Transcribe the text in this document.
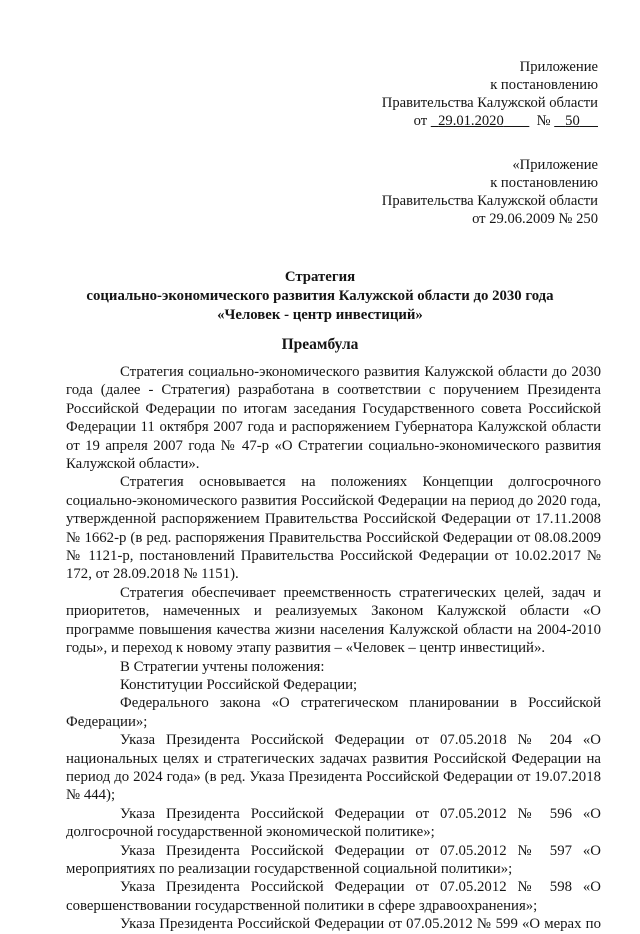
Приложение
к постановлению
Правительства Калужской области
от 29.01.2020 № 50
«Приложение
к постановлению
Правительства Калужской области
от 29.06.2009 № 250
Стратегия
социально-экономического развития Калужской области до 2030 года
«Человек - центр инвестиций»
Преамбула

Стратегия социально-экономического развития Калужской области до 2030 года (далее - Стратегия) разработана в соответствии с поручением Президента Российской Федерации по итогам заседания Государственного совета Российской Федерации 11 октября 2007 года и распоряжением Губернатора Калужской области от 19 апреля 2007 года № 47-р «О Стратегии социально-экономического развития Калужской области».

Стратегия основывается на положениях Концепции долгосрочного социально-экономического развития Российской Федерации на период до 2020 года, утвержденной распоряжением Правительства Российской Федерации от 17.11.2008 № 1662-р (в ред. распоряжения Правительства Российской Федерации от 08.08.2009 № 1121-р, постановлений Правительства Российской Федерации от 10.02.2017 № 172, от 28.09.2018 № 1151).

Стратегия обеспечивает преемственность стратегических целей, задач и приоритетов, намеченных и реализуемых Законом Калужской области «О программе повышения качества жизни населения Калужской области на 2004-2010 годы», и переход к новому этапу развития – «Человек – центр инвестиций».

В Стратегии учтены положения:

Конституции Российской Федерации;

Федерального закона «О стратегическом планировании в Российской Федерации»;

Указа Президента Российской Федерации от 07.05.2018 № 204 «О национальных целях и стратегических задачах развития Российской Федерации на период до 2024 года» (в ред. Указа Президента Российской Федерации от 19.07.2018 № 444);

Указа Президента Российской Федерации от 07.05.2012 № 596 «О долгосрочной государственной экономической политике»;

Указа Президента Российской Федерации от 07.05.2012 № 597 «О мероприятиях по реализации государственной социальной политики»;

Указа Президента Российской Федерации от 07.05.2012 № 598 «О совершенствовании государственной политики в сфере здравоохранения»;

Указа Президента Российской Федерации от 07.05.2012 № 599 «О мерах по
